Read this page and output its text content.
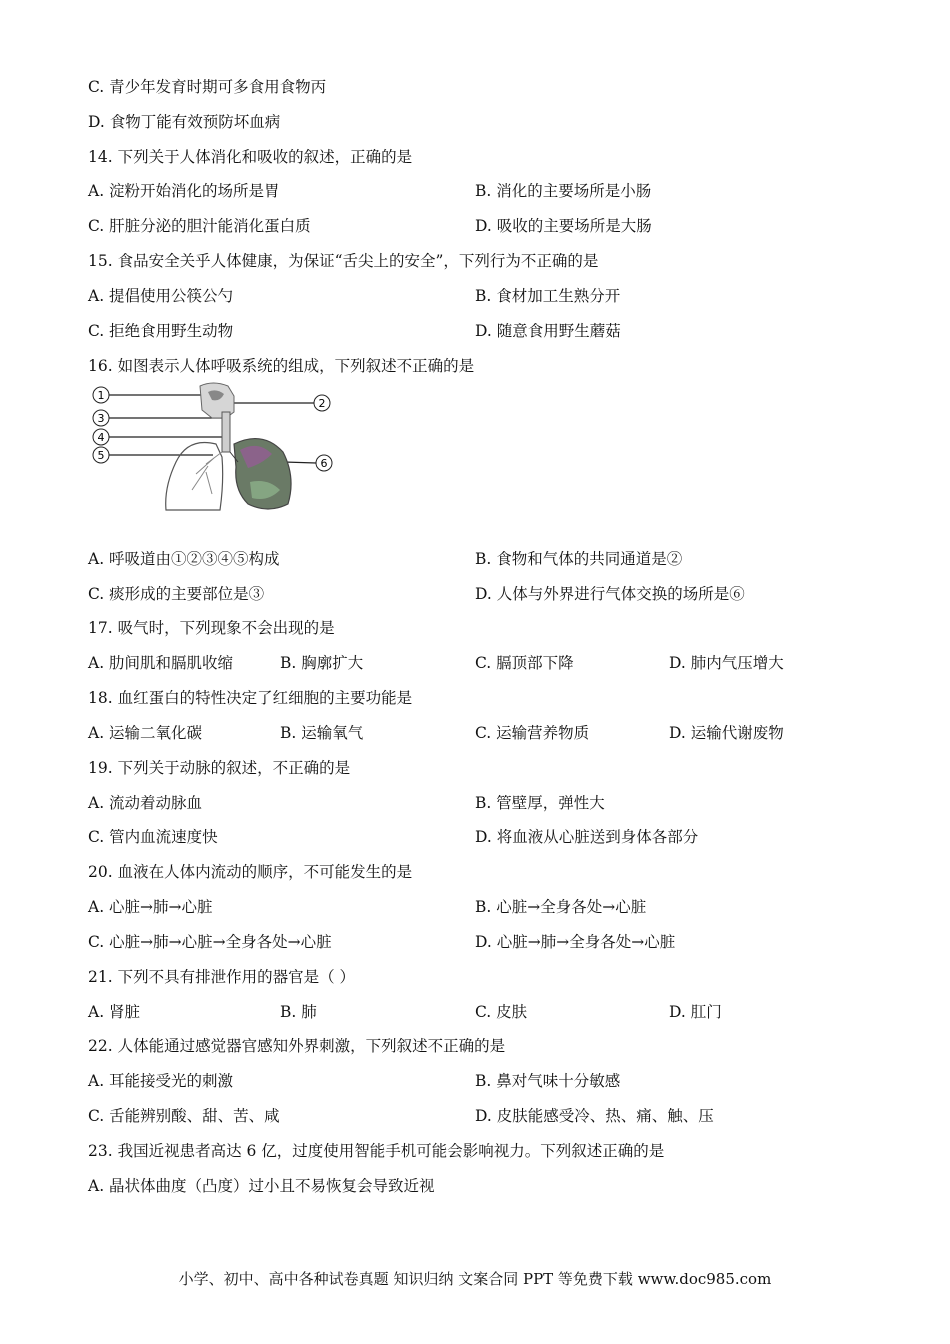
C. 青少年发育时期可多食用食物丙
D. 食物丁能有效预防坏血病
14. 下列关于人体消化和吸收的叙述，正确的是
A. 淀粉开始消化的场所是胃	B. 消化的主要场所是小肠
C. 肝脏分泌的胆汁能消化蛋白质	D. 吸收的主要场所是大肠
15. 食品安全关乎人体健康，为保证“舌尖上的安全”，下列行为不正确的是
A. 提倡使用公筷公勺	B. 食材加工生熟分开
C. 拒绝食用野生动物	D. 随意食用野生蘑菇
16. 如图表示人体呼吸系统的组成，下列叙述不正确的是
1
3
4
5
2
6
A. 呼吸道由①②③④⑤构成	B. 食物和气体的共同通道是②
C. 痰形成的主要部位是③	D. 人体与外界进行气体交换的场所是⑥
17. 吸气时，下列现象不会出现的是
A. 肋间肌和膈肌收缩	B. 胸廓扩大	C. 膈顶部下降	D. 肺内气压增大
18. 血红蛋白的特性决定了红细胞的主要功能是
A. 运输二氧化碳	B. 运输氧气	C. 运输营养物质	D. 运输代谢废物
19. 下列关于动脉的叙述，不正确的是
A. 流动着动脉血	B. 管壁厚，弹性大
C. 管内血流速度快	D. 将血液从心脏送到身体各部分
20. 血液在人体内流动的顺序，不可能发生的是
A. 心脏→肺→心脏	B. 心脏→全身各处→心脏
C. 心脏→肺→心脏→全身各处→心脏	D. 心脏→肺→全身各处→心脏
21. 下列不具有排泄作用的器官是（ ）
A. 肾脏	B. 肺	C. 皮肤	D. 肛门
22. 人体能通过感觉器官感知外界刺激，下列叙述不正确的是
A. 耳能接受光的刺激	B. 鼻对气味十分敏感
C. 舌能辨别酸、甜、苦、咸	D. 皮肤能感受冷、热、痛、触、压
23. 我国近视患者高达 6 亿，过度使用智能手机可能会影响视力。下列叙述正确的是
A. 晶状体曲度（凸度）过小且不易恢复会导致近视
小学、初中、高中各种试卷真题 知识归纳 文案合同 PPT 等免费下载 www.doc985.com
